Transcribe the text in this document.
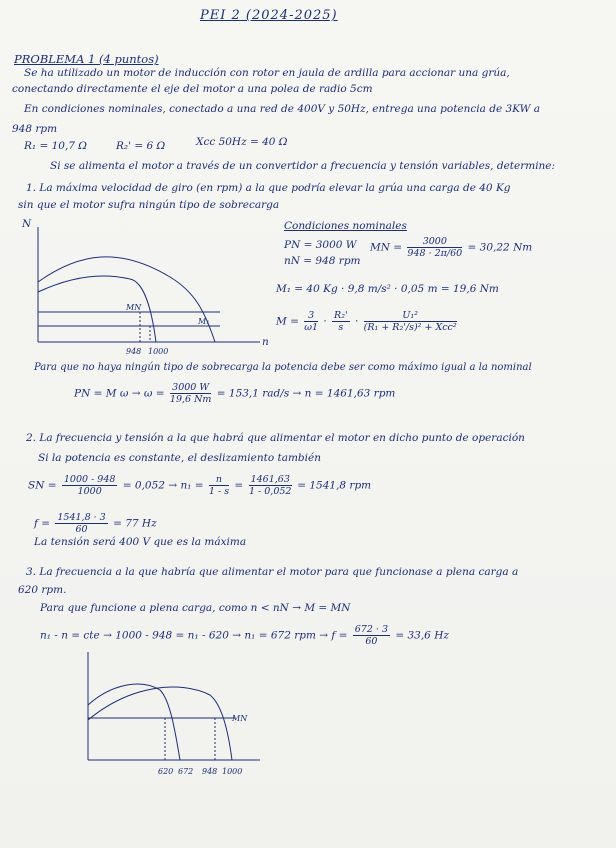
PEI 2 (2024-2025)
PROBLEMA 1 (4 puntos)
Se ha utilizado un motor de inducción con rotor en jaula de ardilla para accionar una grúa,
conectando directamente el eje del motor a una polea de radio 5cm
En condiciones nominales, conectado a una red de 400V y 50Hz, entrega una potencia de 3KW a
948 rpm
R₁ = 10,7 Ω	R₂' = 6 Ω	Xcc 50Hz = 40 Ω
Si se alimenta el motor a través de un convertidor a frecuencia y tensión variables, determine:
1. La máxima velocidad de giro (en rpm) a la que podría elevar la grúa una carga de 40 Kg
sin que el motor sufra ningún tipo de sobrecarga
N
n
MN
M₁
948 1000
Condiciones nominales
PN = 3000 W
nN = 948 rpm
MN = $\frac{3000}{948 \cdot 2\pi/60} = 30,22$ Nm
M₁ = 40 Kg · 9,8 m/s² · 0,05 m = 19,6 Nm
$M = \frac{3}{\omega 1} \cdot \frac{\text{R₂'}}{s} \cdot \frac{\text{U₁²}}{\text{(R₁ + R₂'/s)² + Xcc²}}$
Para que no haya ningún tipo de sobrecarga la potencia debe ser como máximo igual a la nominal
PN = M $\omega \to \omega = \frac{3000 W}{19,6 Nm} = 153,1$ rad/s → n = 1461,63 rpm
2. La frecuencia y tensión a la que habrá que alimentar el motor en dicho punto de operación
Si la potencia es constante, el deslizamiento también
SN = $\frac{1000 - 948}{1000} = 0,052 \to n_1 = \frac{n}{1 - s} = \frac{1461,63}{1 - 0,052} = 1541,8$ rpm
$f = \frac{1541,8 \cdot 3}{60} = 77$ Hz
La tensión será 400 V que es la máxima
3. La frecuencia a la que habría que alimentar el motor para que funcionase a plena carga a
620 rpm.
Para que funcione a plena carga, como n < nN → M = MN
n₁ - n = cte → 1000 - 948 = n₁ - 620 → n₁ = 672 rpm → $f = \frac{672 \cdot 3}{60} = 33,6$ Hz
MN
620 672 948 1000
